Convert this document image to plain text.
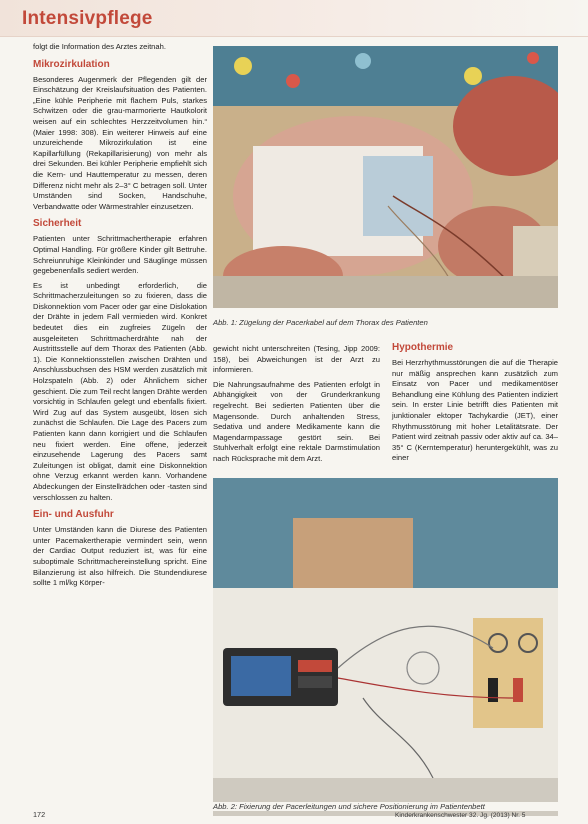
Intensivpflege

folgt die Information des Arztes zeitnah.

Mikrozirkulation

Besonderes Augenmerk der Pflegenden gilt der Einschätzung der Kreislaufsituation des Patienten. „Eine kühle Peripherie mit flachem Puls, starkes Schwitzen oder die grau-marmorierte Hautkolorit weisen auf ein schlechtes Herzzeitvolumen hin.“ (Maier 1998: 308). Ein weiterer Hinweis auf eine unzureichende Mikrozirkulation ist eine Kapillarfüllung (Rekapillarisierung) von mehr als drei Sekunden. Bei kühler Peripherie empfiehlt sich die Kern- und Hauttemperatur zu messen, deren Differenz nicht mehr als 2–3° C betragen soll. Unter Umständen sind Socken, Handschuhe, Verbandwatte oder Wärmestrahler einzusetzen.

Sicherheit

Patienten unter Schrittmachertherapie erfahren Optimal Handling. Für größere Kinder gilt Bettruhe. Schreiunruhige Kleinkinder und Säuglinge müssen gegebenenfalls sediert werden.

Es ist unbedingt erforderlich, die Schrittmacherzuleitungen so zu fixieren, dass die Diskonnektion vom Pacer oder gar eine Dislokation der Drähte in jedem Fall vermieden wird. Konkret bedeutet dies ein zugfreies Zügeln der ausgeleiteten Schrittmacherdrähte nah der Austrittsstelle auf dem Thorax des Patienten (Abb. 1). Die Konnektionsstellen zwischen Drähten und Anschlussbuchsen des HSM werden zusätzlich mit Holzspateln (Abb. 2) oder Ähnlichem sicher geschient. Die zum Teil recht langen Drähte werden vorsichtig in Schlaufen gelegt und ebenfalls fixiert. Wird Zug auf das System ausgeübt, lösen sich zunächst die Schlaufen. Die Lage des Pacers zum Patienten kann dann korrigiert und die Schlaufen neu fixiert werden. Eine offene, jederzeit einzusehende Lagerung des Pacers samt Zuleitungen ist obligat, damit eine Diskonnektion ohne Verzug erkannt werden kann. Vorhandene Abdeckungen der Einstellrädchen oder -tasten sind verschlossen zu halten.

Ein- und Ausfuhr

Unter Umständen kann die Diurese des Patienten unter Pacemakertherapie vermindert sein, wenn der Cardiac Output reduziert ist, was für eine suboptimale Schrittmachereinstellung spricht. Eine Bilanzierung ist also hilfreich. Die Stundendiurese sollte 1 ml/kg Körper-

Abb. 1: Zügelung der Pacerkabel auf dem Thorax des Patienten

gewicht nicht unterschreiten (Tesing, Jipp 2009: 158), bei Abweichungen ist der Arzt zu informieren.

Die Nahrungsaufnahme des Patienten erfolgt in Abhängigkeit von der Grunderkrankung regelrecht. Bei sedierten Patienten über die Magensonde. Durch anhaltenden Stress, Sedativa und andere Medikamente kann die Magendarmpassage gestört sein. Bei Stuhlverhalt erfolgt eine rektale Darmstimulation nach Rücksprache mit dem Arzt.

Hypothermie

Bei Herzrhythmusstörungen die auf die Therapie nur mäßig ansprechen kann zusätzlich zum Einsatz von Pacer und medikamentöser Behandlung eine Kühlung des Patienten indiziert sein. In erster Linie betrifft dies Patienten mit junktionaler ektoper Tachykardie (JET), einer Rhythmusstörung mit hoher Letalitätsrate. Der Patient wird zeitnah passiv oder aktiv auf ca. 34–35° C (Kerntemperatur) heruntergekühlt, was zu einer

Abb. 2: Fixierung der Pacerleitungen und sichere Positionierung im Patientenbett
172	Kinderkrankenschwester 32. Jg. (2013) Nr. 5
